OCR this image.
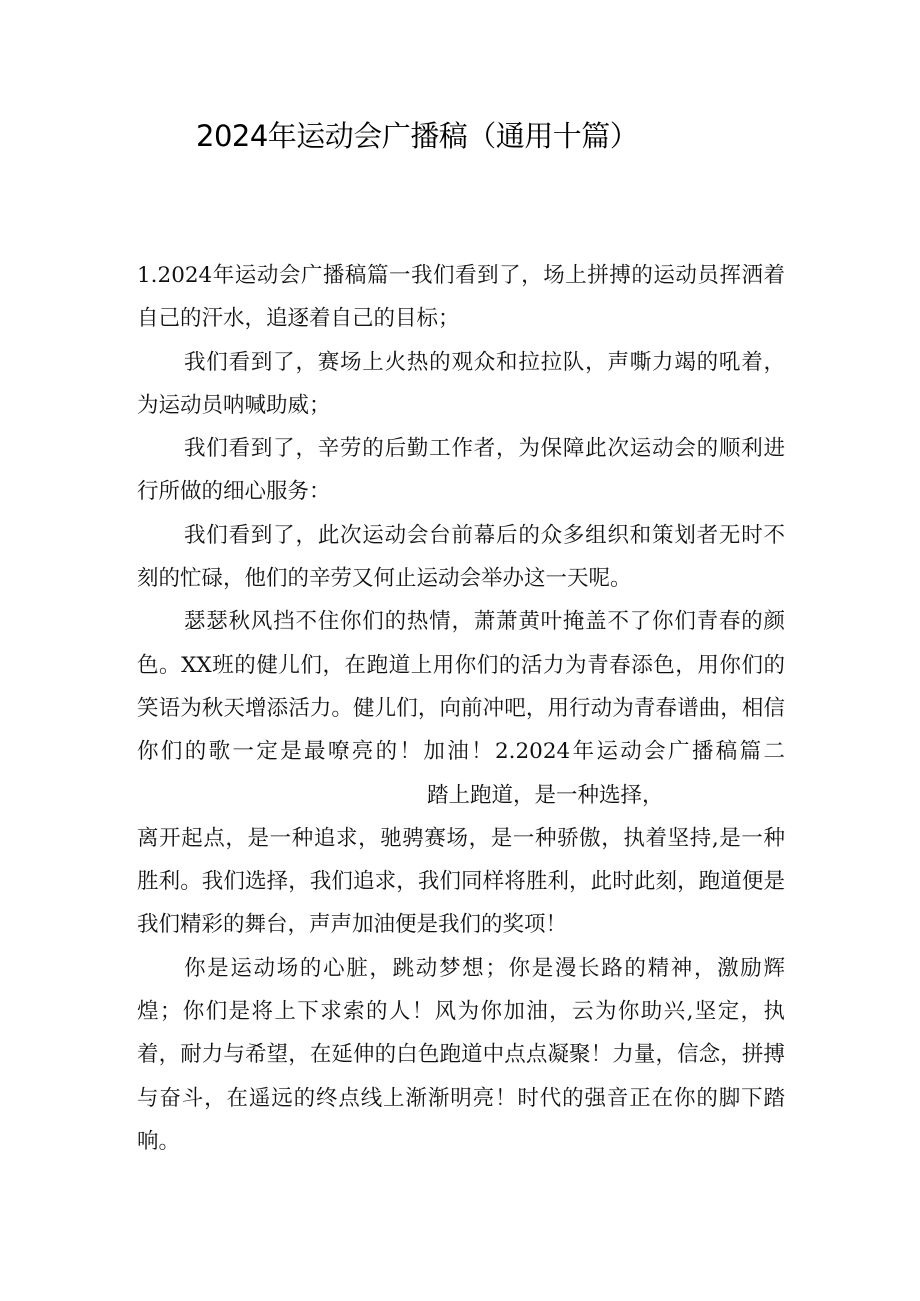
2024年运动会广播稿（通用十篇）

1.2024年运动会广播稿篇一我们看到了，场上拼搏的运动员挥洒着自己的汗水，追逐着自己的目标；

我们看到了，赛场上火热的观众和拉拉队，声嘶力竭的吼着，为运动员呐喊助威；

我们看到了，辛劳的后勤工作者，为保障此次运动会的顺利进行所做的细心服务：

我们看到了，此次运动会台前幕后的众多组织和策划者无时不刻的忙碌，他们的辛劳又何止运动会举办这一天呢。

瑟瑟秋风挡不住你们的热情，萧萧黄叶掩盖不了你们青春的颜色。XX班的健儿们，在跑道上用你们的活力为青春添色，用你们的笑语为秋天增添活力。健儿们，向前冲吧，用行动为青春谱曲，相信你们的歌一定是最嘹亮的！加油！2.2024年运动会广播稿篇二踏上跑道，是一种选择，

离开起点，是一种追求，驰骋赛场，是一种骄傲，执着坚持,是一种胜利。我们选择，我们追求，我们同样将胜利，此时此刻，跑道便是我们精彩的舞台，声声加油便是我们的奖项！

你是运动场的心脏，跳动梦想；你是漫长路的精神，激励辉煌；你们是将上下求索的人！风为你加油，云为你助兴,坚定，执着，耐力与希望，在延伸的白色跑道中点点凝聚！力量，信念，拼搏与奋斗，在遥远的终点线上渐渐明亮！时代的强音正在你的脚下踏响。
